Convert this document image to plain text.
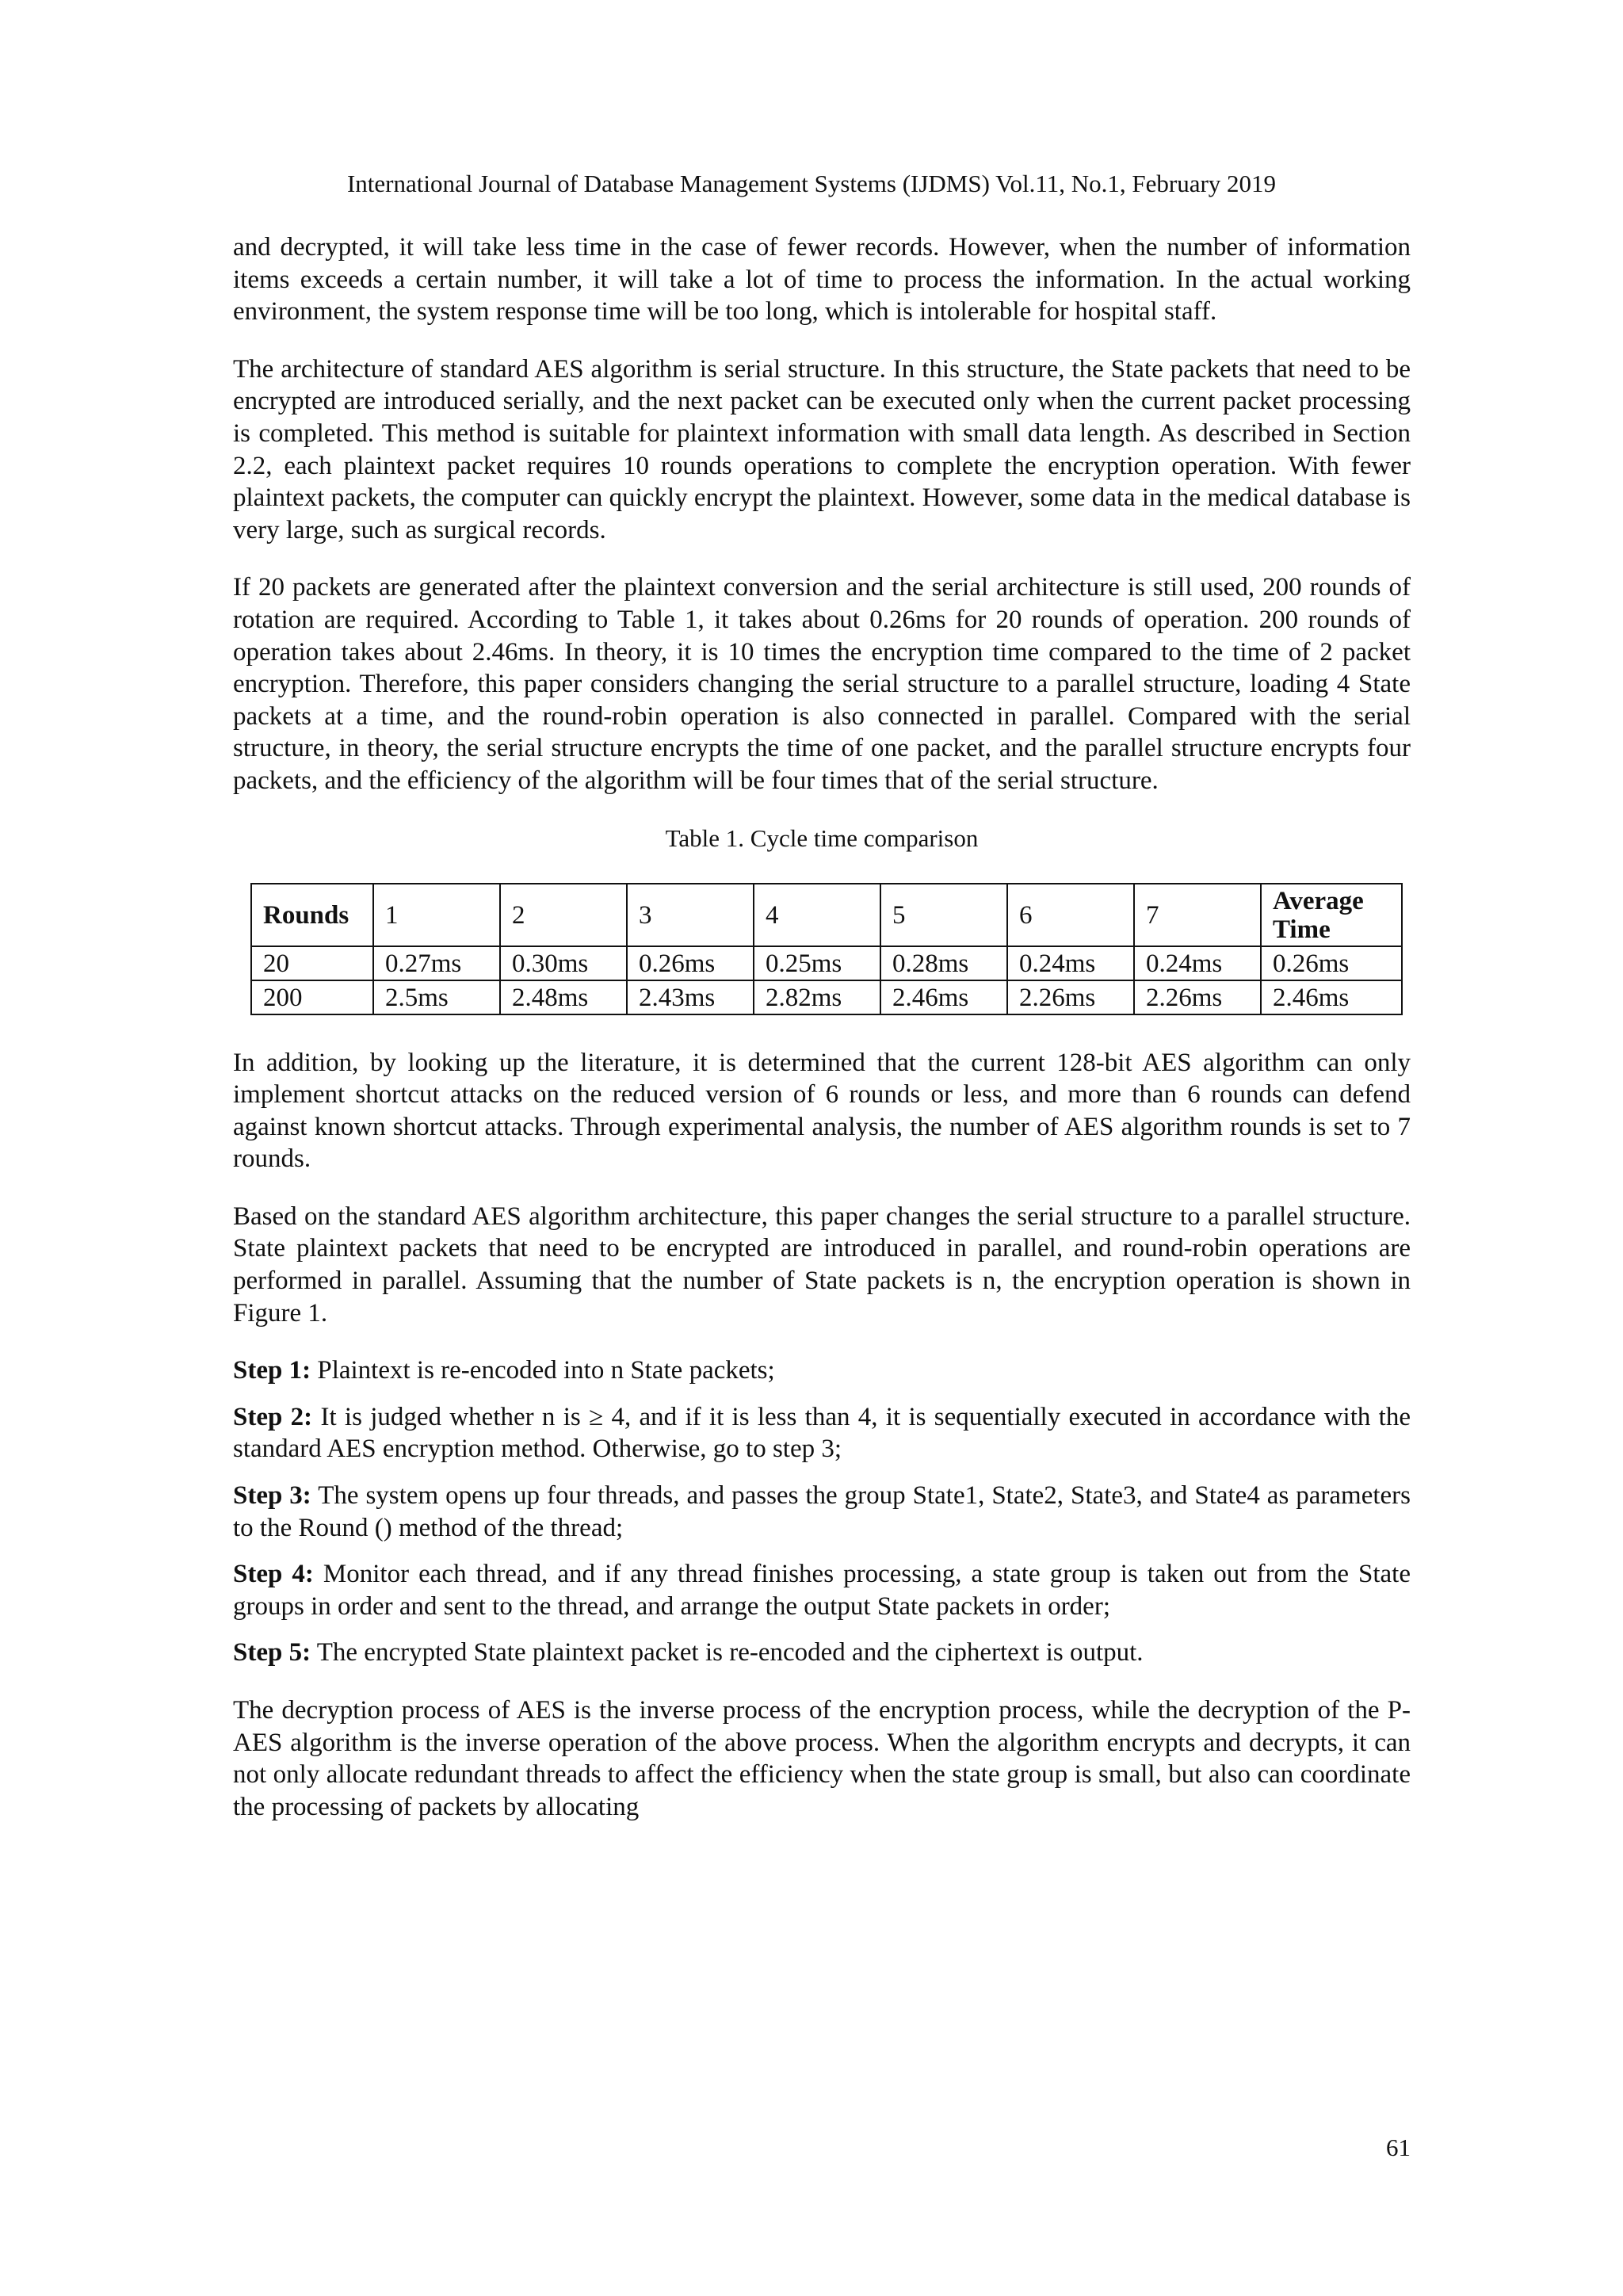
International Journal of Database Management Systems (IJDMS) Vol.11, No.1, February 2019

and decrypted, it will take less time in the case of fewer records. However, when the number of information items exceeds a certain number, it will take a lot of time to process the information. In the actual working environment, the system response time will be too long, which is intolerable for hospital staff.

The architecture of standard AES algorithm is serial structure. In this structure, the State packets that need to be encrypted are introduced serially, and the next packet can be executed only when the current packet processing is completed. This method is suitable for plaintext information with small data length. As described in Section 2.2, each plaintext packet requires 10 rounds operations to complete the encryption operation. With fewer plaintext packets, the computer can quickly encrypt the plaintext. However, some data in the medical database is very large, such as surgical records.

If 20 packets are generated after the plaintext conversion and the serial architecture is still used, 200 rounds of rotation are required. According to Table 1, it takes about 0.26ms for 20 rounds of operation. 200 rounds of operation takes about 2.46ms. In theory, it is 10 times the encryption time compared to the time of 2 packet encryption. Therefore, this paper considers changing the serial structure to a parallel structure, loading 4 State packets at a time, and the round-robin operation is also connected in parallel. Compared with the serial structure, in theory, the serial structure encrypts the time of one packet, and the parallel structure encrypts four packets, and the efficiency of the algorithm will be four times that of the serial structure.

Table 1. Cycle time comparison
Rounds	1	2	3	4	5	6	7	Average Time
20	0.27ms	0.30ms	0.26ms	0.25ms	0.28ms	0.24ms	0.24ms	0.26ms
200	2.5ms	2.48ms	2.43ms	2.82ms	2.46ms	2.26ms	2.26ms	2.46ms

In addition, by looking up the literature, it is determined that the current 128-bit AES algorithm can only implement shortcut attacks on the reduced version of 6 rounds or less, and more than 6 rounds can defend against known shortcut attacks. Through experimental analysis, the number of AES algorithm rounds is set to 7 rounds.

Based on the standard AES algorithm architecture, this paper changes the serial structure to a parallel structure. State plaintext packets that need to be encrypted are introduced in parallel, and round-robin operations are performed in parallel. Assuming that the number of State packets is n, the encryption operation is shown in Figure 1.

Step 1: Plaintext is re-encoded into n State packets;

Step 2: It is judged whether n is ≥ 4, and if it is less than 4, it is sequentially executed in accordance with the standard AES encryption method. Otherwise, go to step 3;

Step 3: The system opens up four threads, and passes the group State1, State2, State3, and State4 as parameters to the Round () method of the thread;

Step 4: Monitor each thread, and if any thread finishes processing, a state group is taken out from the State groups in order and sent to the thread, and arrange the output State packets in order;

Step 5: The encrypted State plaintext packet is re-encoded and the ciphertext is output.

The decryption process of AES is the inverse process of the encryption process, while the decryption of the P-AES algorithm is the inverse operation of the above process. When the algorithm encrypts and decrypts, it can not only allocate redundant threads to affect the efficiency when the state group is small, but also can coordinate the processing of packets by allocating

61
